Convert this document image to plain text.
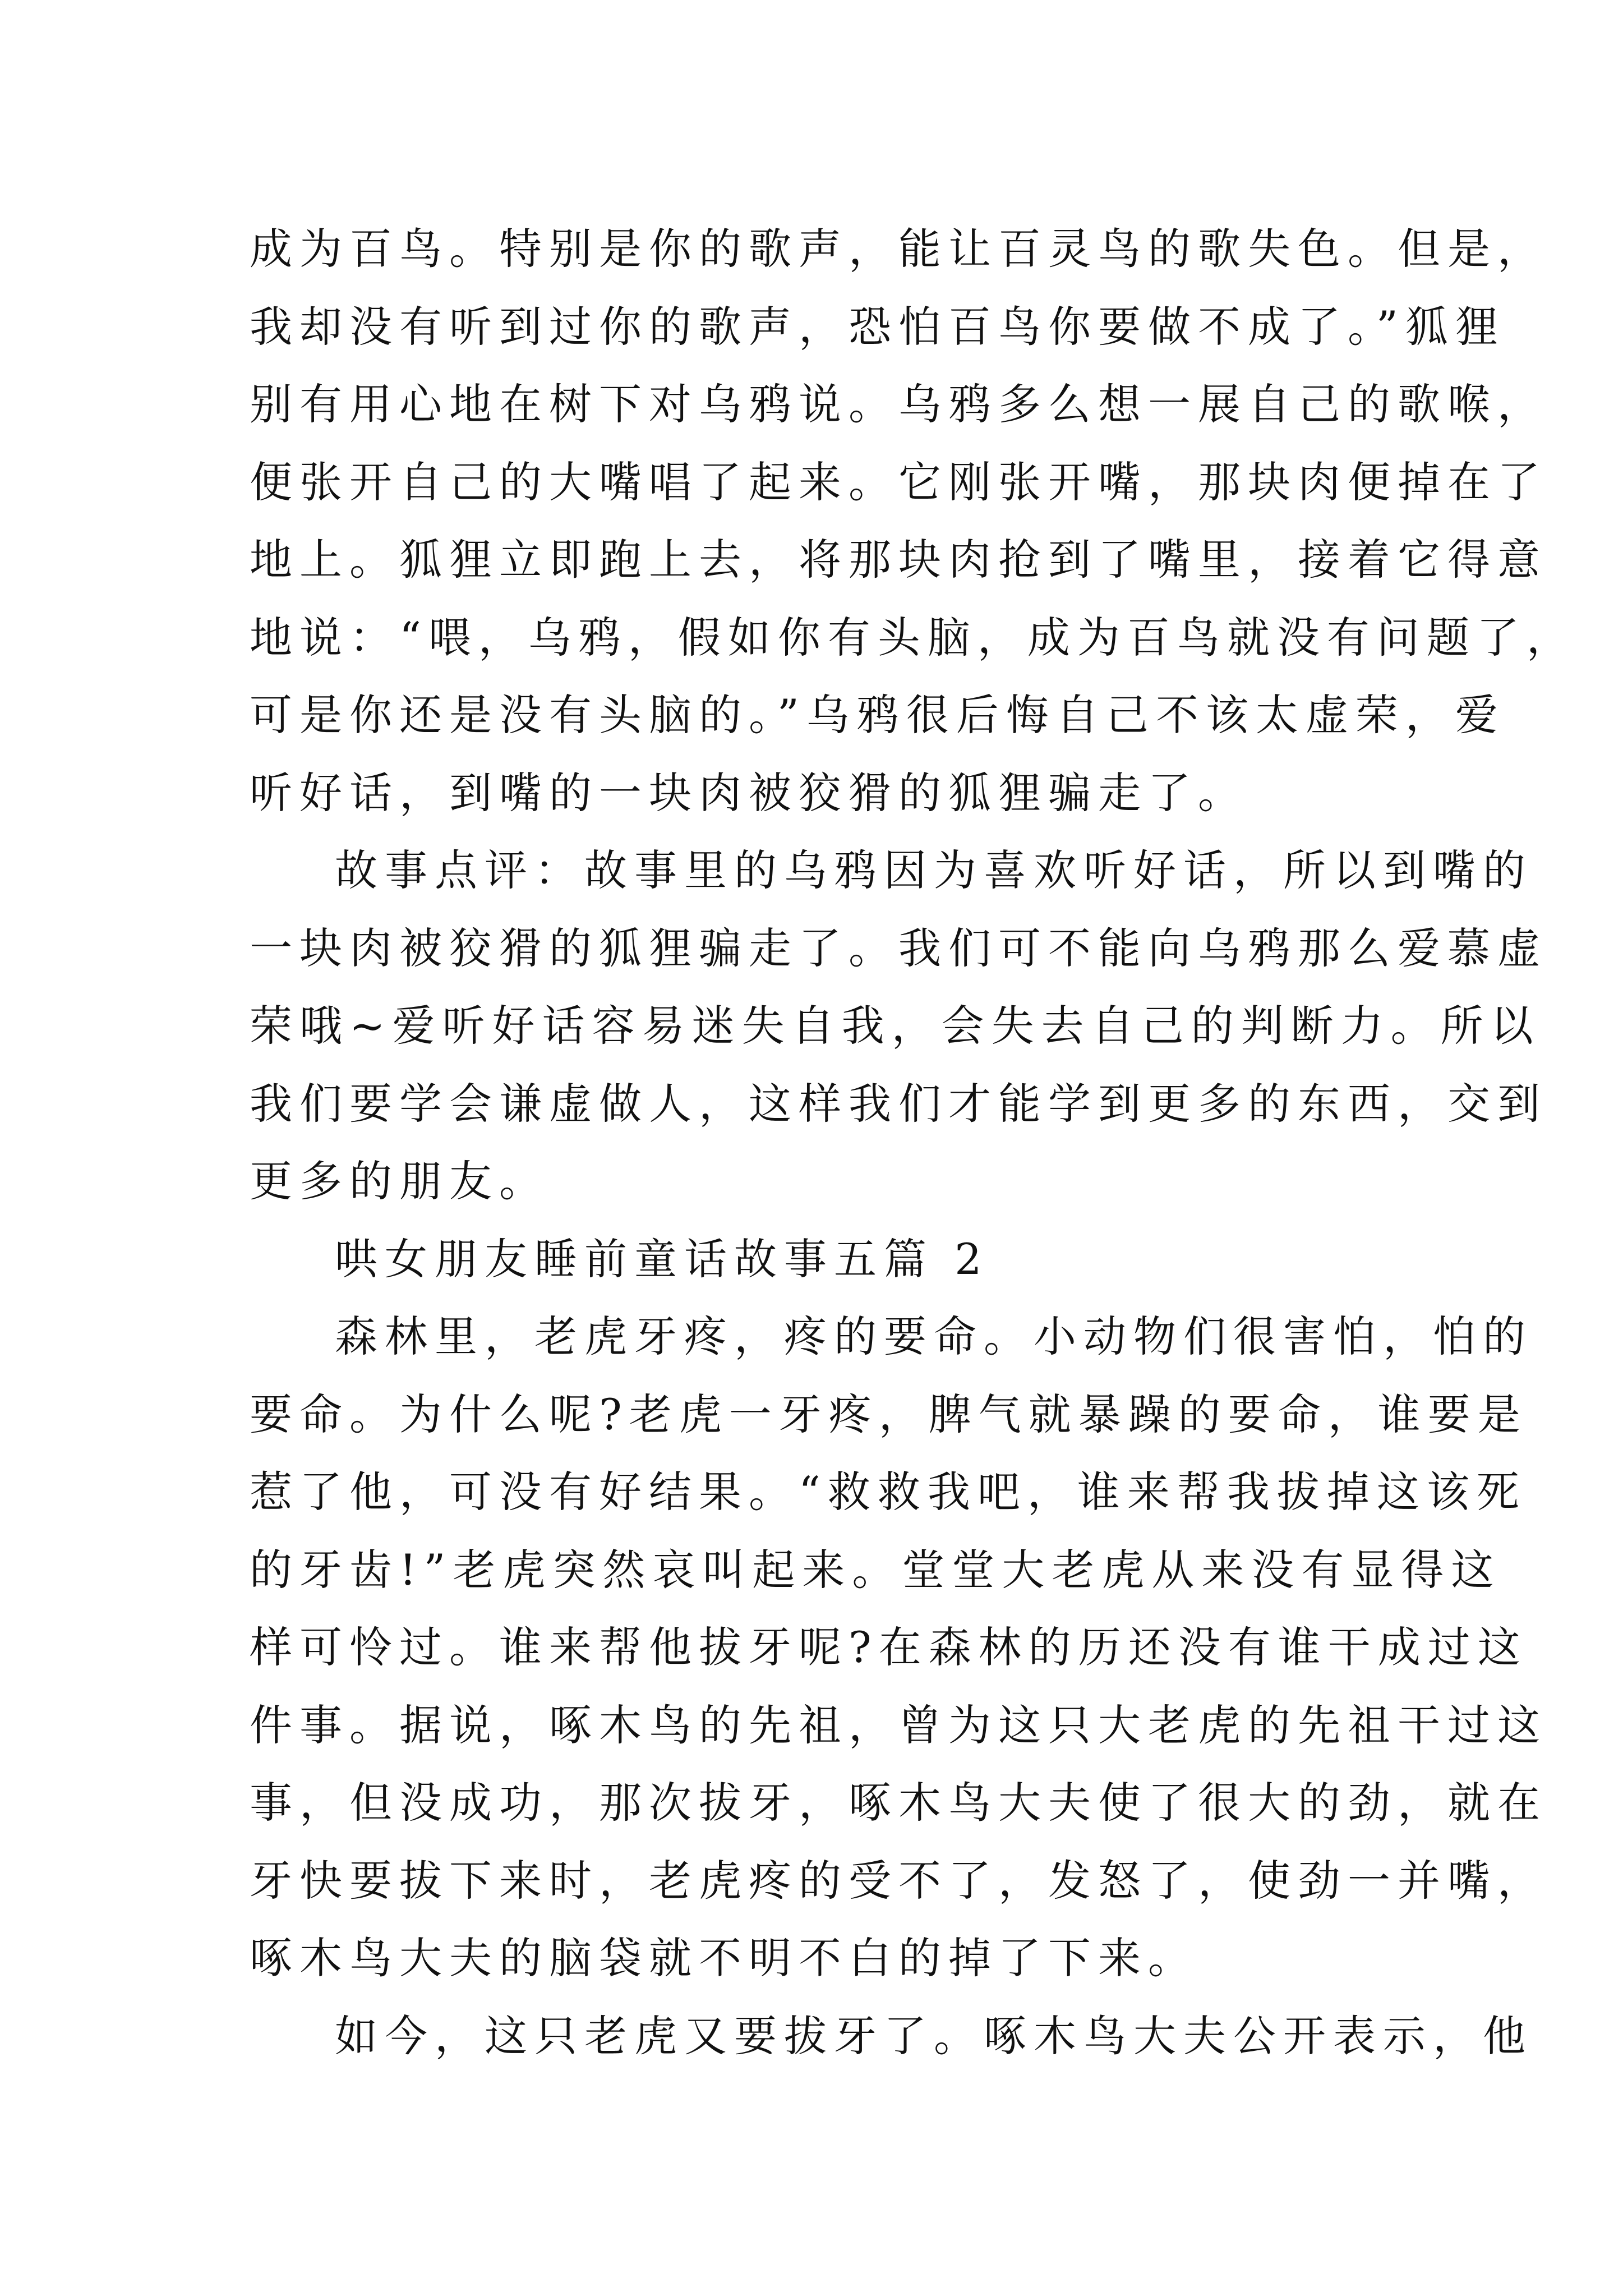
成为百鸟。特别是你的歌声，能让百灵鸟的歌失色。但是，
我却没有听到过你的歌声，恐怕百鸟你要做不成了。”狐狸
别有用心地在树下对乌鸦说。乌鸦多么想一展自己的歌喉，
便张开自己的大嘴唱了起来。它刚张开嘴，那块肉便掉在了
地上。狐狸立即跑上去，将那块肉抢到了嘴里，接着它得意
地说：“喂，乌鸦，假如你有头脑，成为百鸟就没有问题了，
可是你还是没有头脑的。”乌鸦很后悔自己不该太虚荣，爱
听好话，到嘴的一块肉被狡猾的狐狸骗走了。
故事点评：故事里的乌鸦因为喜欢听好话，所以到嘴的
一块肉被狡猾的狐狸骗走了。我们可不能向乌鸦那么爱慕虚
荣哦~爱听好话容易迷失自我，会失去自己的判断力。所以
我们要学会谦虚做人，这样我们才能学到更多的东西，交到
更多的朋友。
哄女朋友睡前童话故事五篇 2
森林里，老虎牙疼，疼的要命。小动物们很害怕，怕的
要命。为什么呢?老虎一牙疼，脾气就暴躁的要命，谁要是
惹了他，可没有好结果。“救救我吧，谁来帮我拔掉这该死
的牙齿!”老虎突然哀叫起来。堂堂大老虎从来没有显得这
样可怜过。谁来帮他拔牙呢?在森林的历还没有谁干成过这
件事。据说，啄木鸟的先祖，曾为这只大老虎的先祖干过这
事，但没成功，那次拔牙，啄木鸟大夫使了很大的劲，就在
牙快要拔下来时，老虎疼的受不了，发怒了，使劲一并嘴，
啄木鸟大夫的脑袋就不明不白的掉了下来。
如今，这只老虎又要拔牙了。啄木鸟大夫公开表示，他
